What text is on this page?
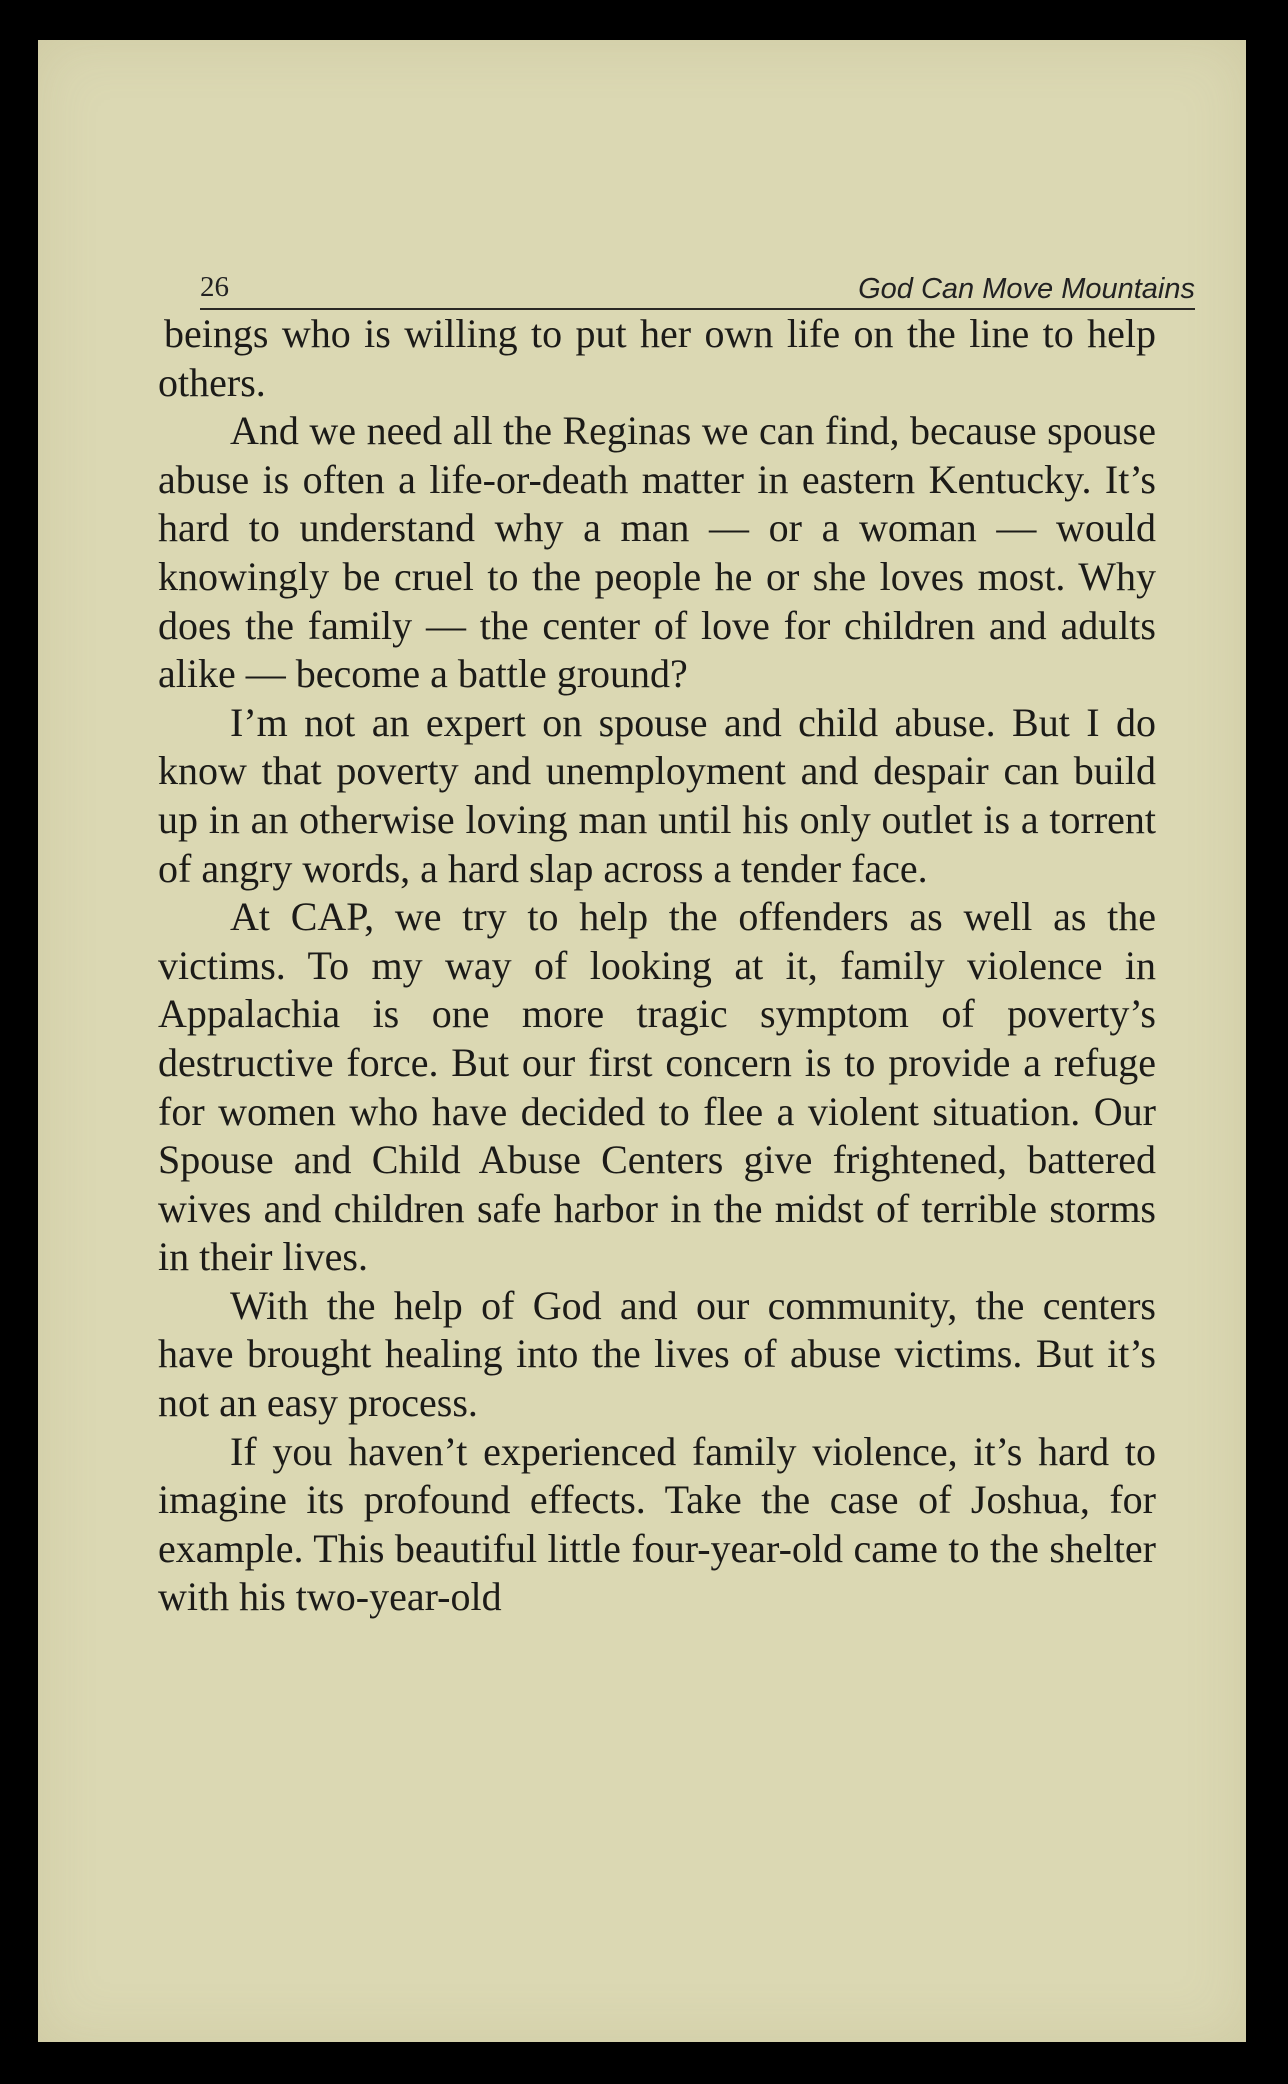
26	God Can Move Mountains

beings who is willing to put her own life on the line to help others.

And we need all the Reginas we can find, because spouse abuse is often a life-or-death matter in eastern Kentucky. It’s hard to understand why a man — or a woman — would knowingly be cruel to the people he or she loves most. Why does the family — the center of love for children and adults alike — become a battle ground?

I’m not an expert on spouse and child abuse. But I do know that poverty and unemployment and despair can build up in an otherwise loving man until his only outlet is a torrent of angry words, a hard slap across a tender face.

At CAP, we try to help the offenders as well as the victims. To my way of looking at it, family violence in Appalachia is one more tragic symptom of poverty’s destructive force. But our first concern is to provide a refuge for women who have decided to flee a violent situation. Our Spouse and Child Abuse Centers give frightened, battered wives and children safe harbor in the midst of terrible storms in their lives.

With the help of God and our community, the centers have brought healing into the lives of abuse victims. But it’s not an easy process.

If you haven’t experienced family violence, it’s hard to imagine its profound effects. Take the case of Joshua, for example. This beautiful little four-year-old came to the shelter with his two-year-old
